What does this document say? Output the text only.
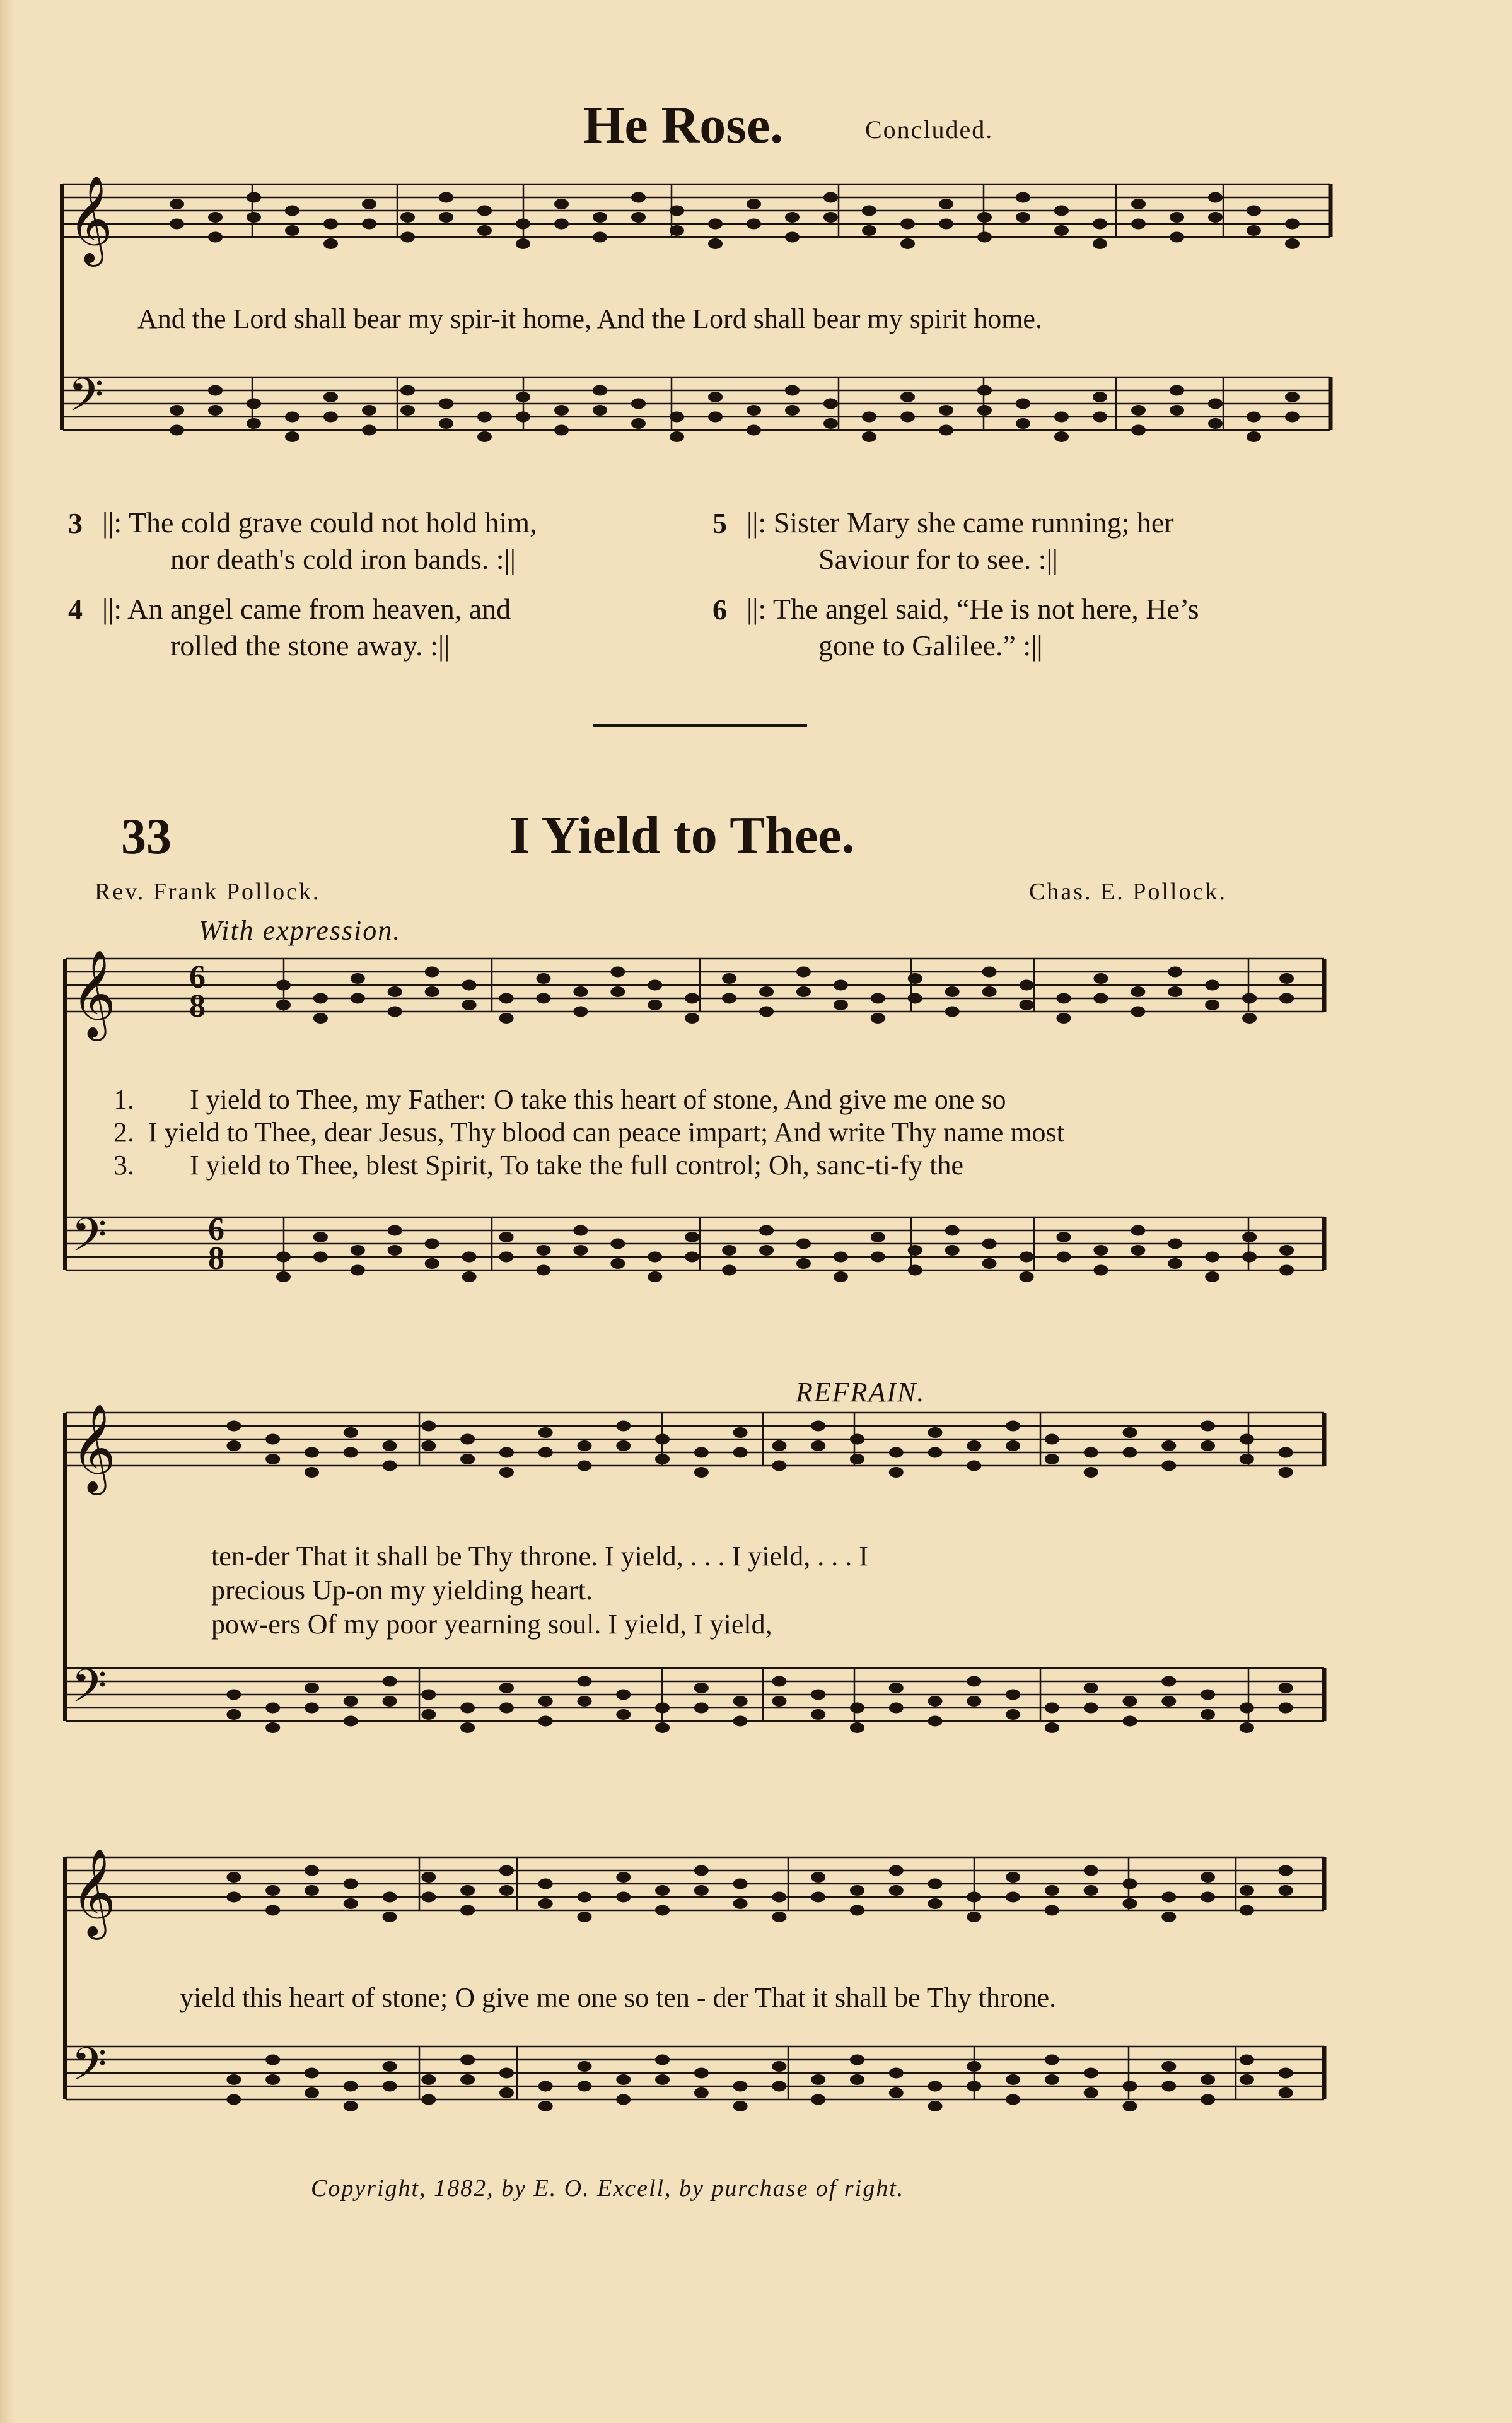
He Rose.	Concluded.
𝄞
𝄢
𝄞
𝄢
𝄞
𝄢
𝄞
𝄢
And the Lord shall bear my spir-it home, And the Lord shall bear my spirit home.
3 ||: The cold grave could not hold him,
nor death's cold iron bands. :||
4 ||: An angel came from heaven, and
rolled the stone away. :||
5 ||: Sister Mary she came running; her
Saviour for to see. :||
6 ||: The angel said, “He is not here, He’s
gone to Galilee.” :||
33	I Yield to Thee.
Rev. Frank Pollock.	Chas. E. Pollock.
With expression.
6
8
6
8
1.  I yield to Thee, my Father: O take this heart of stone, And give me one so
2. I yield to Thee, dear Jesus, Thy blood can peace impart; And write Thy name most
3.  I yield to Thee, blest Spirit, To take the full control; Oh, sanc-ti-fy the
REFRAIN.
ten-der That it shall be Thy throne. I yield, . . . I yield, . . . I
precious Up-on my yielding heart.
pow-ers Of my poor yearning soul. I yield, I yield,
yield this heart of stone; O give me one so ten - der That it shall be Thy throne.
Copyright, 1882, by E. O. Excell, by purchase of right.
